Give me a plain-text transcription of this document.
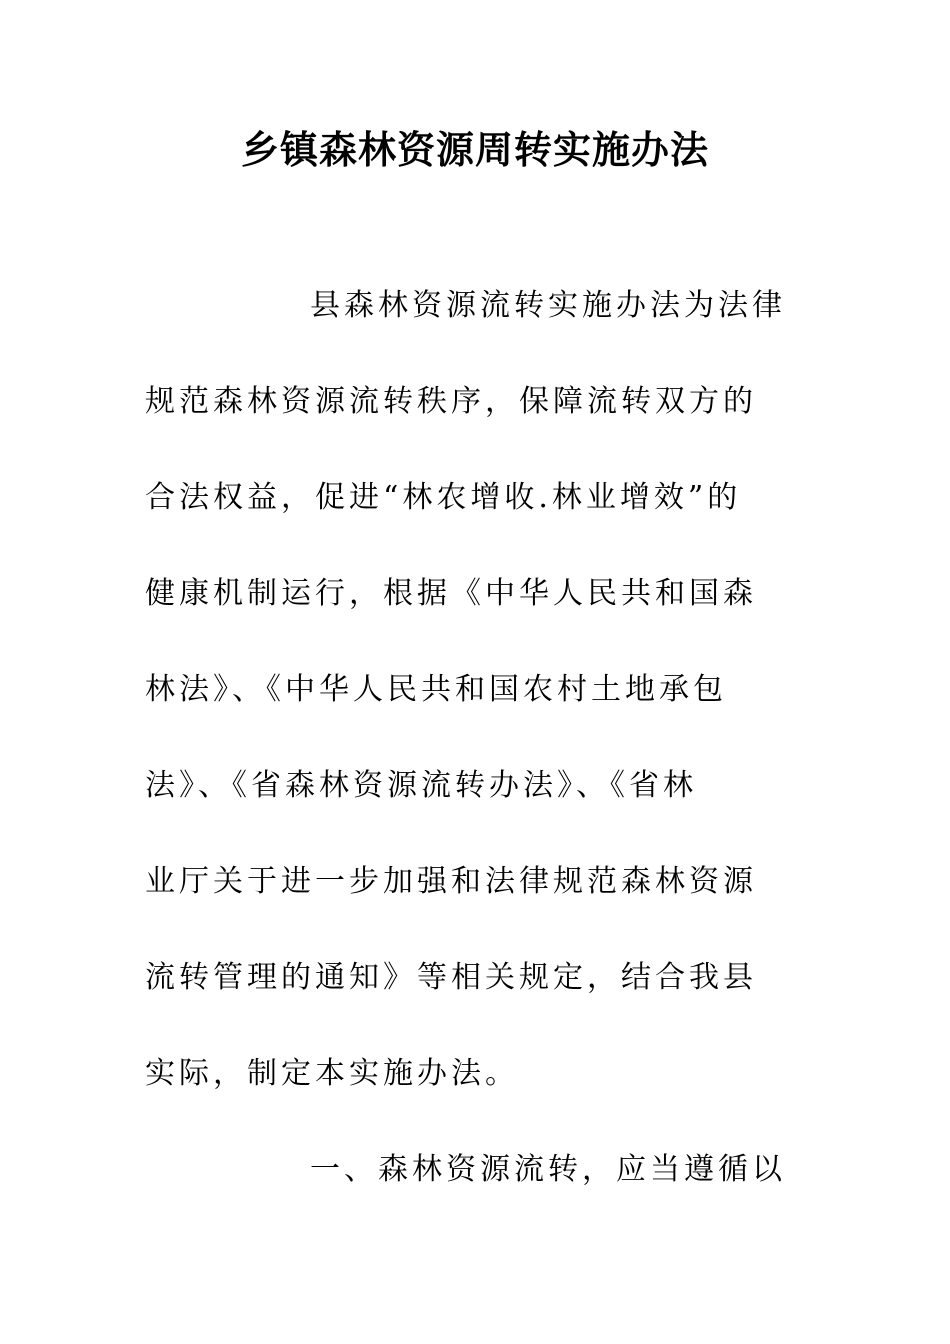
乡镇森林资源周转实施办法
县森林资源流转实施办法为法律
规范森林资源流转秩序，保障流转双方的
合法权益，促进“林农增收.林业增效”的
健康机制运行，根据《中华人民共和国森
林法》、《中华人民共和国农村土地承包
法》、《省森林资源流转办法》、《省林
业厅关于进一步加强和法律规范森林资源
流转管理的通知》等相关规定，结合我县
实际，制定本实施办法。
一、森林资源流转，应当遵循以
